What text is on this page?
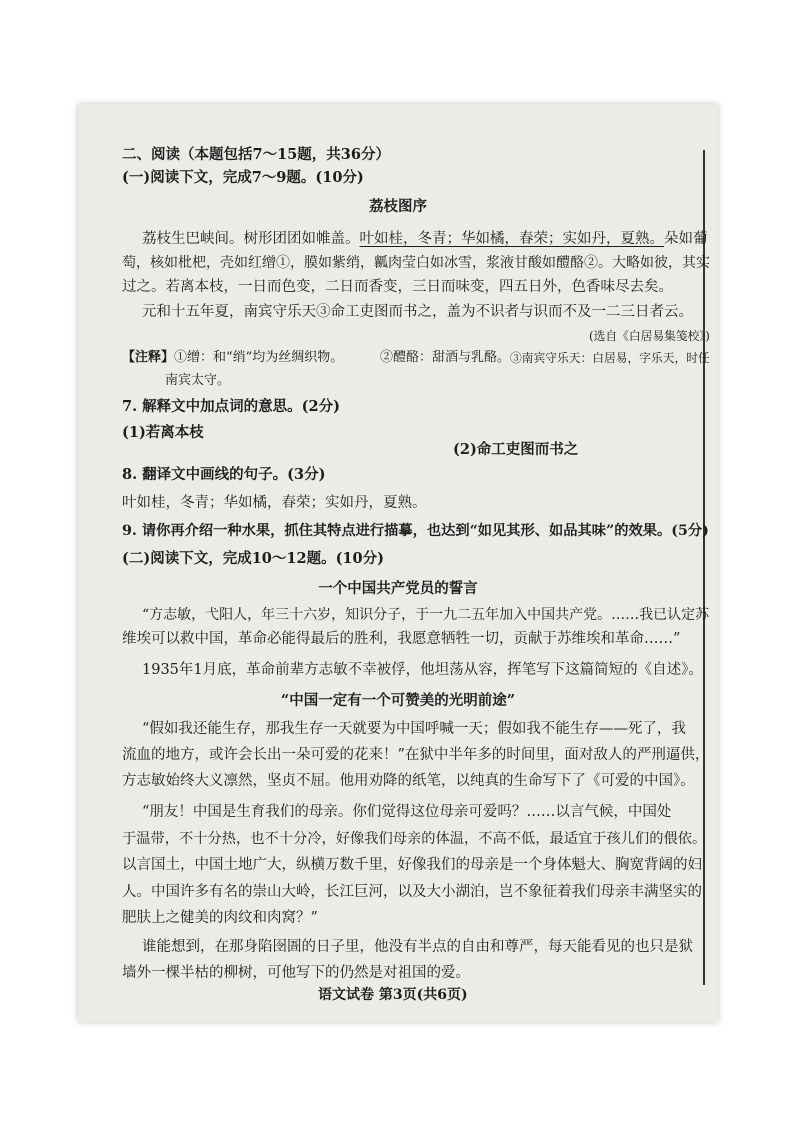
二、阅读（本题包括7～15题，共36分）
(一)阅读下文，完成7～9题。(10分)
荔枝图序
荔枝生巴峡间。树形团团如帷盖。叶如桂，冬青；华如橘，春荣；实如丹，夏熟。朵如葡
萄，核如枇杷，壳如红缯①，膜如紫绡，瓤肉莹白如冰雪，浆液甘酸如醴酪②。大略如彼，其实
过之。若离本枝，一日而色变，二日而香变，三日而味变，四五日外，色香味尽去矣。
元和十五年夏，南宾守乐天③命工吏图而书之，盖为不识者与识而不及一二三日者云。
(选自《白居易集笺校》)
【注释】①缯：和“绡”均为丝绸织物。	②醴酪：甜酒与乳酪。 ③南宾守乐天：白居易，字乐天，时任
南宾太守。
7. 解释文中加点词的意思。(2分)
(1)若离本枝
(2)命工吏图而书之
8. 翻译文中画线的句子。(3分)
叶如桂，冬青；华如橘，春荣；实如丹，夏熟。
9. 请你再介绍一种水果，抓住其特点进行描摹，也达到“如见其形、如品其味”的效果。(5分)
(二)阅读下文，完成10～12题。(10分)
一个中国共产党员的誓言
“方志敏，弋阳人，年三十六岁，知识分子，于一九二五年加入中国共产党。……我已认定苏
维埃可以救中国，革命必能得最后的胜利，我愿意牺牲一切，贡献于苏维埃和革命……”
1935年1月底，革命前辈方志敏不幸被俘，他坦荡从容，挥笔写下这篇简短的《自述》。
“中国一定有一个可赞美的光明前途”
“假如我还能生存，那我生存一天就要为中国呼喊一天；假如我不能生存——死了，我
流血的地方，或许会长出一朵可爱的花来！”在狱中半年多的时间里，面对敌人的严刑逼供，
方志敏始终大义凛然，坚贞不屈。他用劝降的纸笔，以纯真的生命写下了《可爱的中国》。
“朋友！中国是生育我们的母亲。你们觉得这位母亲可爱吗？……以言气候，中国处
于温带，不十分热，也不十分冷，好像我们母亲的体温，不高不低，最适宜于孩儿们的偎依。
以言国土，中国土地广大，纵横万数千里，好像我们的母亲是一个身体魁大、胸宽背阔的妇
人。中国许多有名的崇山大岭，长江巨河，以及大小湖泊，岂不象征着我们母亲丰满坚实的
肥肤上之健美的肉纹和肉窝？”
谁能想到，在那身陷囹圄的日子里，他没有半点的自由和尊严，每天能看见的也只是狱
墙外一棵半枯的柳树，可他写下的仍然是对祖国的爱。
语文试卷 第3页(共6页)
